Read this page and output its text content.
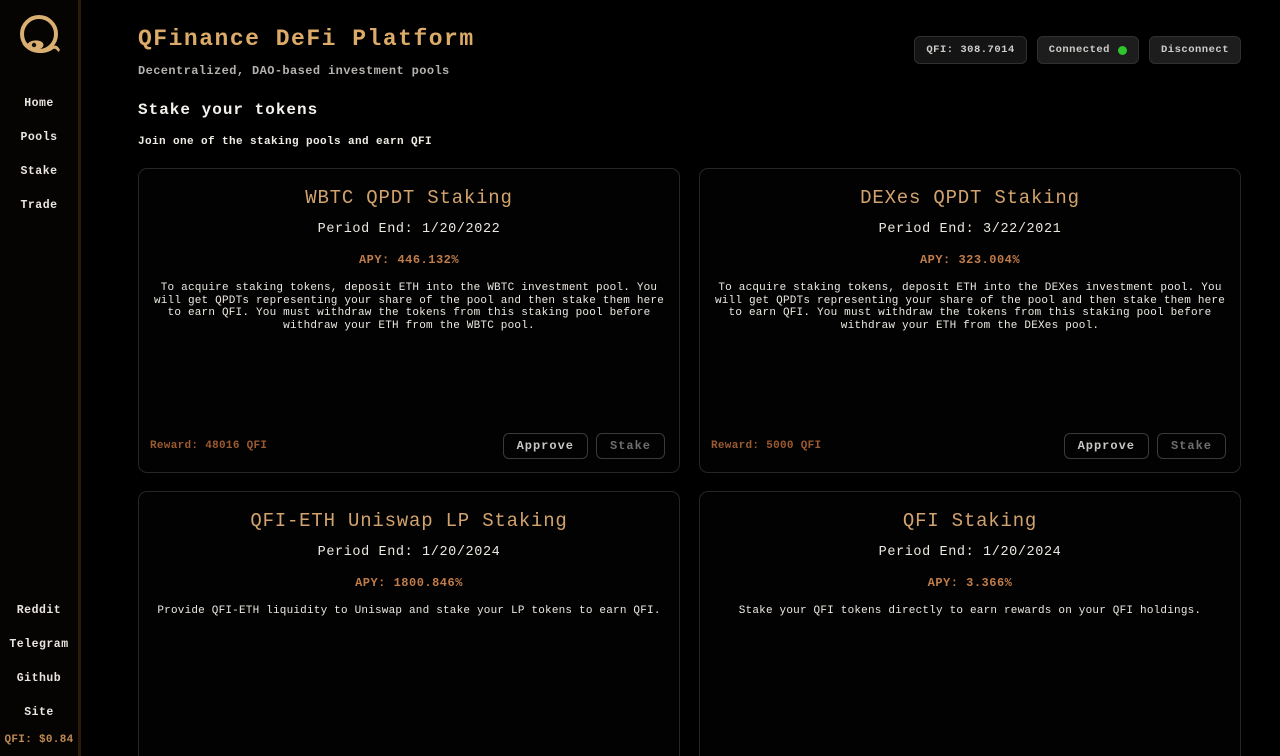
Home
Pools
Stake
Trade
Reddit
Telegram
Github
Site
QFI: $0.84
QFinance DeFi Platform
Decentralized, DAO-based investment pools
QFI: 308.7014	Connected	Disconnect
Stake your tokens
Join one of the staking pools and earn QFI
WBTC QPDT Staking
Period End: 1/20/2022
APY: 446.132%
To acquire staking tokens, deposit ETH into the WBTC investment pool. You will get QPDTs representing your share of the pool and then stake them here to earn QFI. You must withdraw the tokens from this staking pool before withdraw your ETH from the WBTC pool.
Reward: 48016 QFI	Approve	Stake
DEXes QPDT Staking
Period End: 3/22/2021
APY: 323.004%
To acquire staking tokens, deposit ETH into the DEXes investment pool. You will get QPDTs representing your share of the pool and then stake them here to earn QFI. You must withdraw the tokens from this staking pool before withdraw your ETH from the DEXes pool.
Reward: 5000 QFI	Approve	Stake
QFI-ETH Uniswap LP Staking
Period End: 1/20/2024
APY: 1800.846%
Provide QFI-ETH liquidity to Uniswap and stake your LP tokens to earn QFI.
QFI Staking
Period End: 1/20/2024
APY: 3.366%
Stake your QFI tokens directly to earn rewards on your QFI holdings.
